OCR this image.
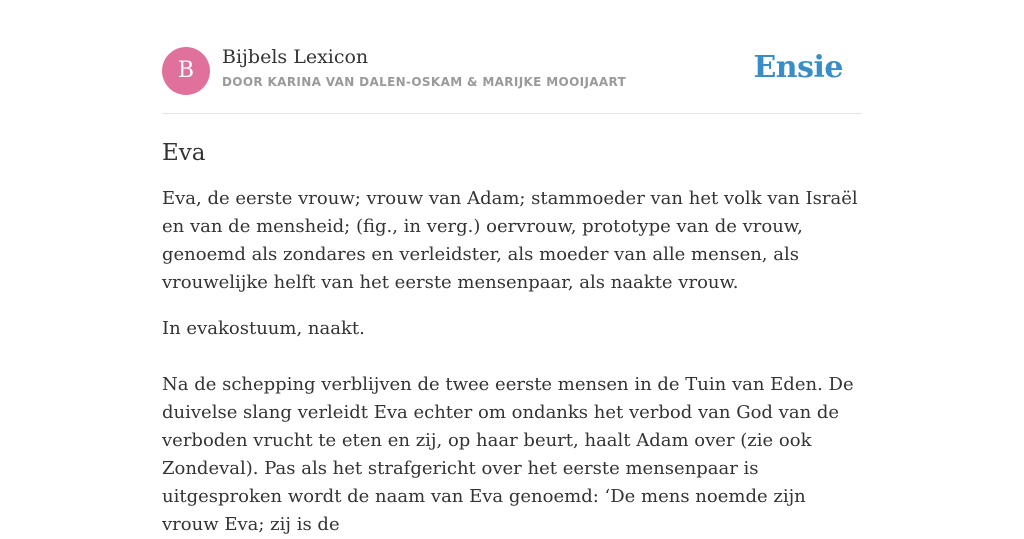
B
Bijbels Lexicon
DOOR KARINA VAN DALEN-OSKAM & MARIJKE MOOIJAART	Ensie
Eva

Eva, de eerste vrouw; vrouw van Adam; stammoeder van het volk van Israël en van de mensheid; (fig., in verg.) oervrouw, prototype van de vrouw, genoemd als zondares en verleidster, als moeder van alle mensen, als vrouwelijke helft van het eerste mensenpaar, als naakte vrouw.

In evakostuum, naakt.

Na de schepping verblijven de twee eerste mensen in de Tuin van Eden. De duivelse slang verleidt Eva echter om ondanks het verbod van God van de verboden vrucht te eten en zij, op haar beurt, haalt Adam over (zie ook Zondeval). Pas als het strafgericht over het eerste mensenpaar is uitgesproken wordt de naam van Eva genoemd: ‘De mens noemde zijn vrouw Eva; zij is de
